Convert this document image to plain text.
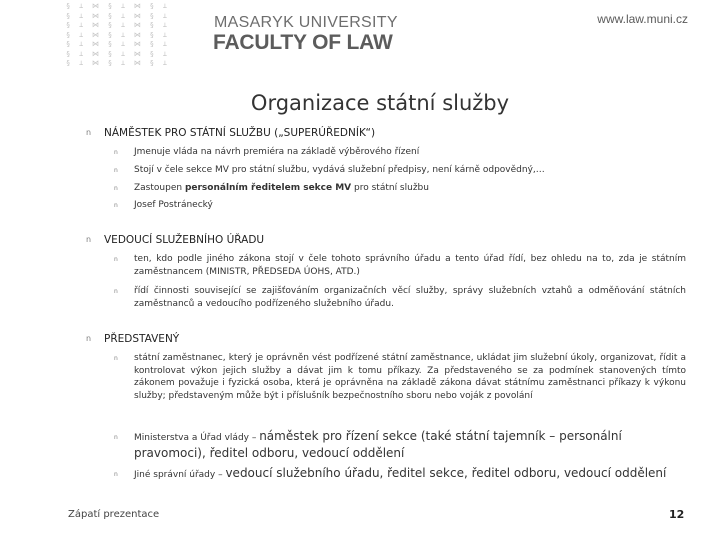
§ ⊥ ⋈ § ⊥ ⋈ § ⊥
§ ⊥ ⋈ § ⊥ ⋈ § ⊥
§ ⊥ ⋈ § ⊥ ⋈ § ⊥
§ ⊥ ⋈ § ⊥ ⋈ § ⊥
§ ⊥ ⋈ § ⊥ ⋈ § ⊥
§ ⊥ ⋈ § ⊥ ⋈ § ⊥
§ ⊥ ⋈ § ⊥ ⋈ § ⊥
MASARYK UNIVERSITY
FACULTY OF LAW
www.law.muni.cz
Organizace státní služby
n NÁMĚSTEK PRO STÁTNÍ SLUŽBU („SUPERÚŘEDNÍK“)
n Jmenuje vláda na návrh premiéra na základě výběrového řízení
n Stojí v čele sekce MV pro státní službu, vydává služební předpisy, není kárně odpovědný,…
n Zastoupen personálním ředitelem sekce MV pro státní službu
n Josef Postránecký
n VEDOUCÍ SLUŽEBNÍHO ÚŘADU
n ten, kdo podle jiného zákona stojí v čele tohoto správního úřadu a tento úřad řídí, bez ohledu na to, zda je státním zaměstnancem (MINISTR, PŘEDSEDA ÚOHS, ATD.)
n řídí činnosti související se zajišťováním organizačních věcí služby, správy služebních vztahů a odměňování státních zaměstnanců a vedoucího podřízeného služebního úřadu.
n PŘEDSTAVENÝ
n státní zaměstnanec, který je oprávněn vést podřízené státní zaměstnance, ukládat jim služební úkoly, organizovat, řídit a kontrolovat výkon jejich služby a dávat jim k tomu příkazy. Za představeného se za podmínek stanovených tímto zákonem považuje i fyzická osoba, která je oprávněna na základě zákona dávat státnímu zaměstnanci příkazy k výkonu služby; představeným může být i příslušník bezpečnostního sboru nebo voják z povolání
n Ministerstva a Úřad vlády – náměstek pro řízení sekce (také státní tajemník – personální pravomoci), ředitel odboru, vedoucí oddělení
n Jiné správní úřady – vedoucí služebního úřadu, ředitel sekce, ředitel odboru, vedoucí oddělení
Zápatí prezentace	12
